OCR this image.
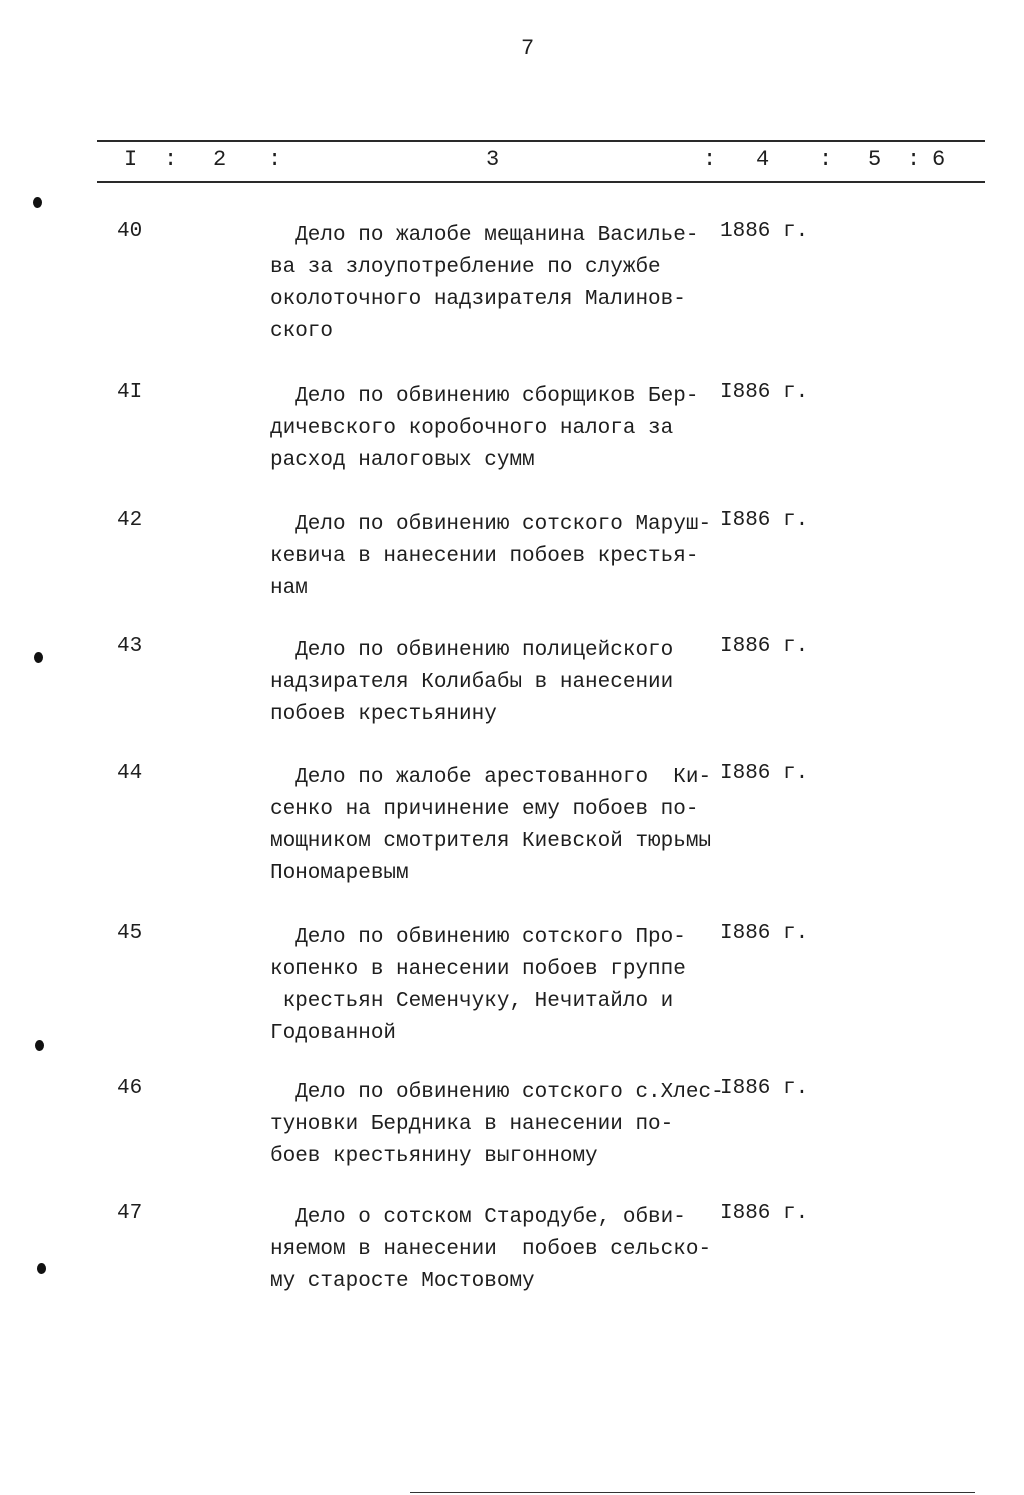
7
I : 2 :	3	: 4 : 5 : 6
40	Дело по жалобе мещанина Василье-
ва за злоупотребление по службе
околоточного надзирателя Малинов-
ского
1886 г.
4I	Дело по обвинению сборщиков Бер-
дичевского коробочного налога за
расход налоговых сумм
I886 г.
42	Дело по обвинению сотского Маруш-
кевича в нанесении побоев крестья-
нам
I886 г.
43	Дело по обвинению полицейского
надзирателя Колибабы в нанесении
побоев крестьянину
I886 г.
44	Дело по жалобе арестованного  Ки-
сенко на причинение ему побоев по-
мощником смотрителя Киевской тюрьмы
Пономаревым
I886 г.
45	Дело по обвинению сотского Про-
копенко в нанесении побоев группе
крестьян Семенчуку, Нечитайло и
Годованной
I886 г.
46	Дело по обвинению сотского с.Хлес-
туновки Бердника в нанесении по-
боев крестьянину выгонному
I886 г.
47	Дело о сотском Стародубе, обви-
няемом в нанесении  побоев сельско-
му старосте Мостовому
I886 г.
